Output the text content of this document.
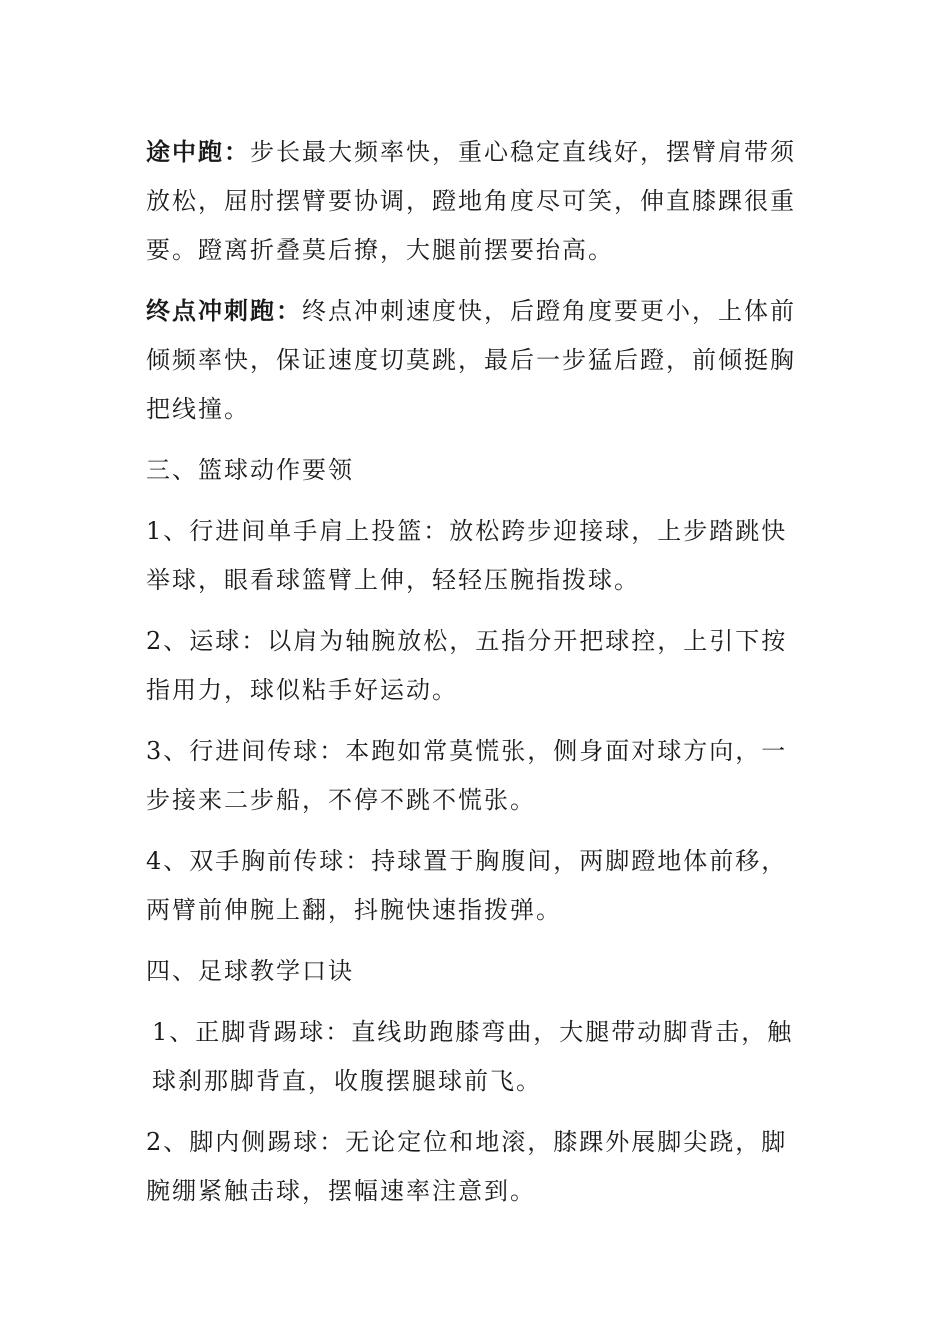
途中跑：步长最大频率快，重心稳定直线好，摆臂肩带须放松，屈肘摆臂要协调，蹬地角度尽可笑，伸直膝踝很重要。蹬离折叠莫后撩，大腿前摆要抬高。

终点冲刺跑：终点冲刺速度快，后蹬角度要更小，上体前倾频率快，保证速度切莫跳，最后一步猛后蹬，前倾挺胸把线撞。

三、篮球动作要领

1、行进间单手肩上投篮：放松跨步迎接球，上步踏跳快举球，眼看球篮臂上伸，轻轻压腕指拨球。

2、运球：以肩为轴腕放松，五指分开把球控，上引下按指用力，球似粘手好运动。

3、行进间传球：本跑如常莫慌张，侧身面对球方向，一步接来二步船，不停不跳不慌张。

4、双手胸前传球：持球置于胸腹间，两脚蹬地体前移，两臂前伸腕上翻，抖腕快速指拨弹。

四、足球教学口诀

1、正脚背踢球：直线助跑膝弯曲，大腿带动脚背击，触球刹那脚背直，收腹摆腿球前飞。

2、脚内侧踢球：无论定位和地滚，膝踝外展脚尖跷，脚腕绷紧触击球，摆幅速率注意到。
